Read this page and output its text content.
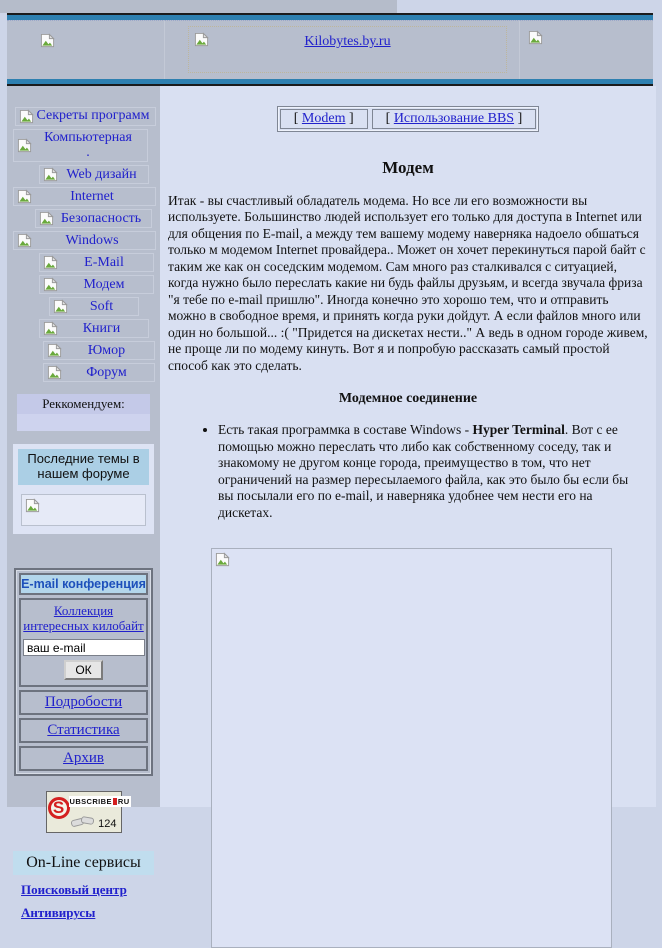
Kilobytes.by.ru
Секреты программ
Компьютерная
.
Web дизайн
Internet
Безопасность
Windows
E-Mail
Модем
Soft
Книги
Юмор
Форум
Реккомендуем:
Последние темы в нашем форуме
E-mail конференция
Коллекция интересных килобайт
ваш e-mail ОК
Подробости
Статистика
Архив
S UBSCRIBE RU
124
On-Line сервисы
Поисковый центр
Антивирусы
[ Modem ]	[ Использование BBS ]
Модем
Итак - вы счастливый обладатель модема. Но все ли его возможности вы используете. Большинство людей использует его только для доступа в Internet или для общения по E-mail, а между тем вашему модему наверняка надоело обшаться только м модемом Internet провайдера.. Может он хочет перекинуться парой байт с таким же как он соседским модемом. Сам много раз сталкивался с ситуацией, когда нужно было переслать какие ни будь файлы друзьям, и всегда звучала фриза "я тебе по e-mail пришлю". Иногда конечно это хорошо тем, что и отправить можно в свободное время, и принять когда руки дойдут. А если файлов много или один но большой... :( "Придется на дискетах нести.." А ведь в одном городе живем, не проще ли по модему кинуть. Вот я и попробую рассказать самый простой способ как это сделать.
Модемное соединение
• Есть такая программка в составе Windows - Hyper Terminal. Вот с ее помощью можно переслать что либо как собственному соседу, так и знакомому не другом конце города, преимущество в том, что нет ограничений на размер пересылаемого файла, как это было бы если бы вы посылали его по e-mail, и наверняка удобнее чем нести его на дискетах.
